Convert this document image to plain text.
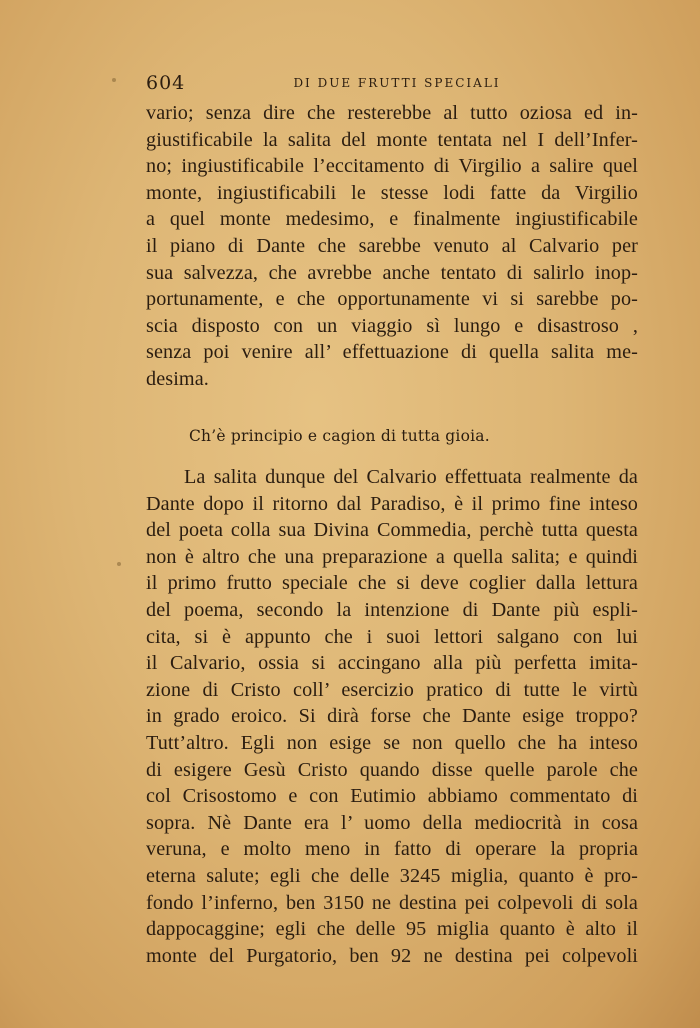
604	DI DUE FRUTTI SPECIALI
vario; senza dire che resterebbe al tutto oziosa ed in-
giustificabile la salita del monte tentata nel I dell’Infer-
no; ingiustificabile l’eccitamento di Virgilio a salire quel
monte, ingiustificabili le stesse lodi fatte da Virgilio
a quel monte medesimo, e finalmente ingiustificabile
il piano di Dante che sarebbe venuto al Calvario per
sua salvezza, che avrebbe anche tentato di salirlo inop-
portunamente, e che opportunamente vi si sarebbe po-
scia disposto con un viaggio sì lungo e disastroso ,
senza poi venire all’ effettuazione di quella salita me-
desima.
Ch’è principio e cagion di tutta gioia.
La salita dunque del Calvario effettuata realmente da
Dante dopo il ritorno dal Paradiso, è il primo fine inteso
del poeta colla sua Divina Commedia, perchè tutta questa
non è altro che una preparazione a quella salita; e quindi
il primo frutto speciale che si deve coglier dalla lettura
del poema, secondo la intenzione di Dante più espli-
cita, si è appunto che i suoi lettori salgano con lui
il Calvario, ossia si accingano alla più perfetta imita-
zione di Cristo coll’ esercizio pratico di tutte le virtù
in grado eroico. Si dirà forse che Dante esige troppo?
Tutt’altro. Egli non esige se non quello che ha inteso
di esigere Gesù Cristo quando disse quelle parole che
col Crisostomo e con Eutimio abbiamo commentato di
sopra. Nè Dante era l’ uomo della mediocrità in cosa
veruna, e molto meno in fatto di operare la propria
eterna salute; egli che delle 3245 miglia, quanto è pro-
fondo l’inferno, ben 3150 ne destina pei colpevoli di sola
dappocaggine; egli che delle 95 miglia quanto è alto il
monte del Purgatorio, ben 92 ne destina pei colpevoli
